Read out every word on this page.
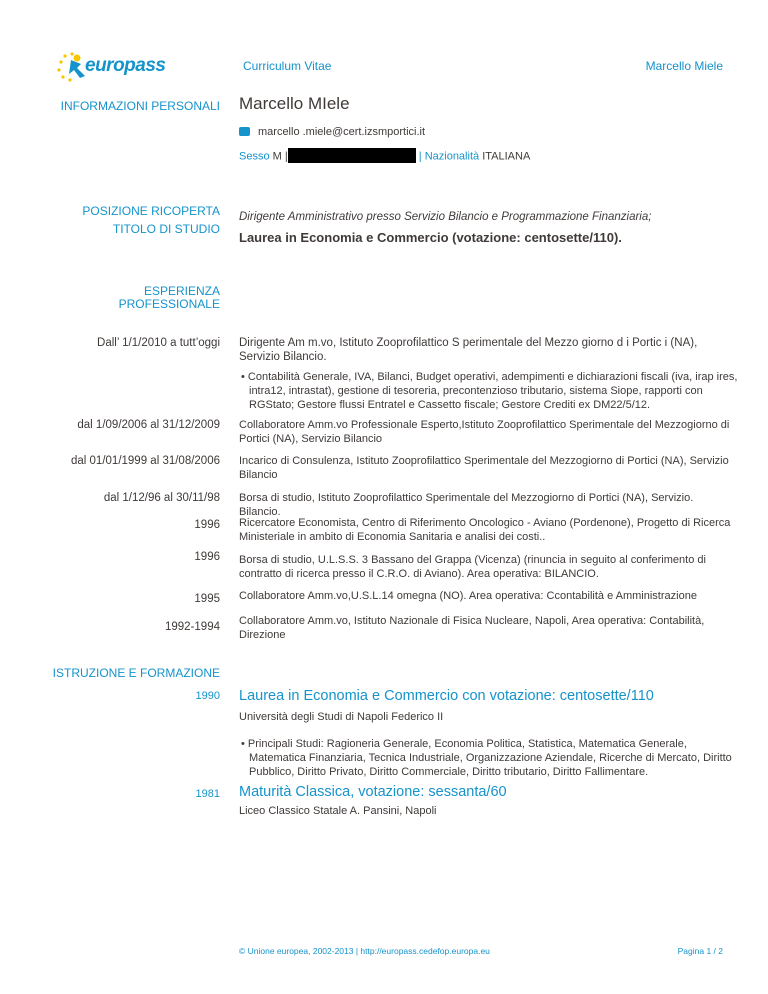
europass	Curriculum Vitae	Marcello Miele
INFORMAZIONI PERSONALI Marcello MIele
marcello .miele@cert.izsmportici.it
Sesso M |	| Nazionalità ITALIANA
POSIZIONE RICOPERTA Dirigente Amministrativo presso Servizio Bilancio e Programmazione Finanziaria;
TITOLO DI STUDIO
Laurea in Economia e Commercio (votazione: centosette/110).
ESPERIENZA
PROFESSIONALE
Dall’ 1/1/2010 a tutt’oggi Dirigente Am m.vo, Istituto Zooprofilattico S perimentale del Mezzo giorno d i Portic i (NA), Servizio Bilancio.
• Contabilità Generale, IVA, Bilanci, Budget operativi, adempimenti e dichiarazioni fiscali (iva, irap ires, intra12, intrastat), gestione di tesoreria, precontenzioso tributario, sistema Siope, rapporti con RGStato; Gestore flussi Entratel e Cassetto fiscale; Gestore Crediti ex DM22/5/12.
dal 1/09/2006 al 31/12/2009 Collaboratore Amm.vo Professionale Esperto,Istituto Zooprofilattico Sperimentale del Mezzogiorno di Portici (NA), Servizio Bilancio
dal 01/01/1999 al 31/08/2006 Incarico di Consulenza, Istituto Zooprofilattico Sperimentale del Mezzogiorno di Portici (NA), Servizio Bilancio
dal 1/12/96 al 30/11/98 Borsa di studio, Istituto Zooprofilattico Sperimentale del Mezzogiorno di Portici (NA), Servizio. Bilancio.
1996 Ricercatore Economista, Centro di Riferimento Oncologico - Aviano (Pordenone), Progetto di Ricerca Ministeriale in ambito di Economia Sanitaria e analisi dei costi..
1996 Borsa di studio, U.L.S.S. 3 Bassano del Grappa (Vicenza) (rinuncia in seguito al conferimento di contratto di ricerca presso il C.R.O. di Aviano). Area operativa: BILANCIO.
1995 Collaboratore Amm.vo,U.S.L.14 omegna (NO). Area operativa: Ccontabilità e Amministrazione
1992-1994 Collaboratore Amm.vo, Istituto Nazionale di Fisica Nucleare, Napoli, Area operativa: Contabilità, Direzione
ISTRUZIONE E FORMAZIONE
1990 Laurea in Economia e Commercio con votazione: centosette/110
Università degli Studi di Napoli Federico II
• Principali Studi: Ragioneria Generale, Economia Politica, Statistica, Matematica Generale, Matematica Finanziaria, Tecnica Industriale, Organizzazione Aziendale, Ricerche di Mercato, Diritto Pubblico, Diritto Privato, Diritto Commerciale, Diritto tributario, Diritto Fallimentare.
1981 Maturità Classica, votazione: sessanta/60
Liceo Classico Statale A. Pansini, Napoli
© Unione europea, 2002-2013 | http://europass.cedefop.europa.eu	Pagina 1 / 2
